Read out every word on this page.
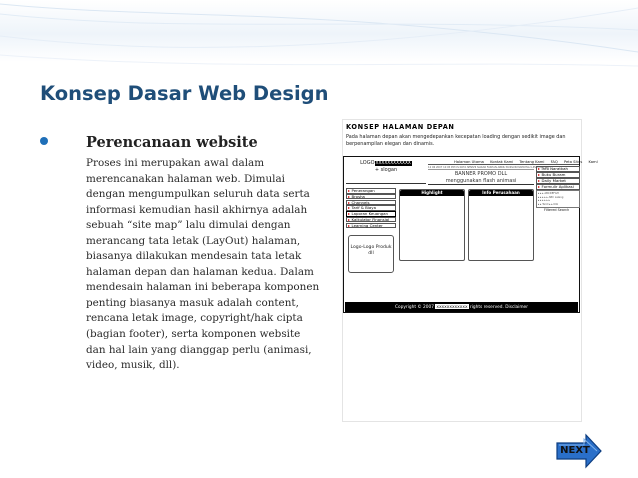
Konsep Dasar Web Design
Perencanaan website
Proses ini merupakan awal dalam merencanakan halaman web. Dimulai dengan mengumpulkan seluruh data serta informasi kemudian hasil akhirnya adalah sebuah “site map” lalu dimulai dengan merancang tata letak (LayOut) halaman, biasanya dilakukan mendesain tata letak halaman depan dan halaman kedua. Dalam mendesain halaman ini beberapa komponen penting biasanya masuk adalah content, rencana letak image, copyright/hak cipta (bagian footer), serta komponen website dan hal lain yang dianggap perlu (animasi, video, musik, dll).
KONSEP HALAMAN DEPAN
Pada halaman depan akan mengedepankan kecepatan loading dengan sedikit image dan berpenampilan elegan dan dinamis.
LOGOXXXXXXXXXXXX
+ slogan
Halaman Utama Kontak Kami Tentang Kami FAQ Peta Situs Kaml
12 06 2007 10 05 PM CS KOTA SENSHI SIAKAR FASHAN ABRIU BUKSUN MAHRITAU LPSA HARITAU
BANNER PROMO DLL
menggunakan flash animasi
Info Naratkah
Buku Buram
Daily Market
Formulir Aplikasi
▸ ▸ ▸ ABCDEFGH
▸ ▸ ▸ ▸ ▸ ABC Lalang
▸ ▸ ▸ ▸ ▸ ▸
▸ ▸ Tarid ▸ ▸ Klik
Filtered Search
Penerangan
Brosha
Channels
Tarif & Biaya
Laporan Keuangan
Kalkulator Finansial
Learning Center
Highlight	Info Perusahaan
Logo-Logo Produk
dll
Copyright © 2007 XXXXXXXXXXXX rights reserved. Disclaimer
NEXT
